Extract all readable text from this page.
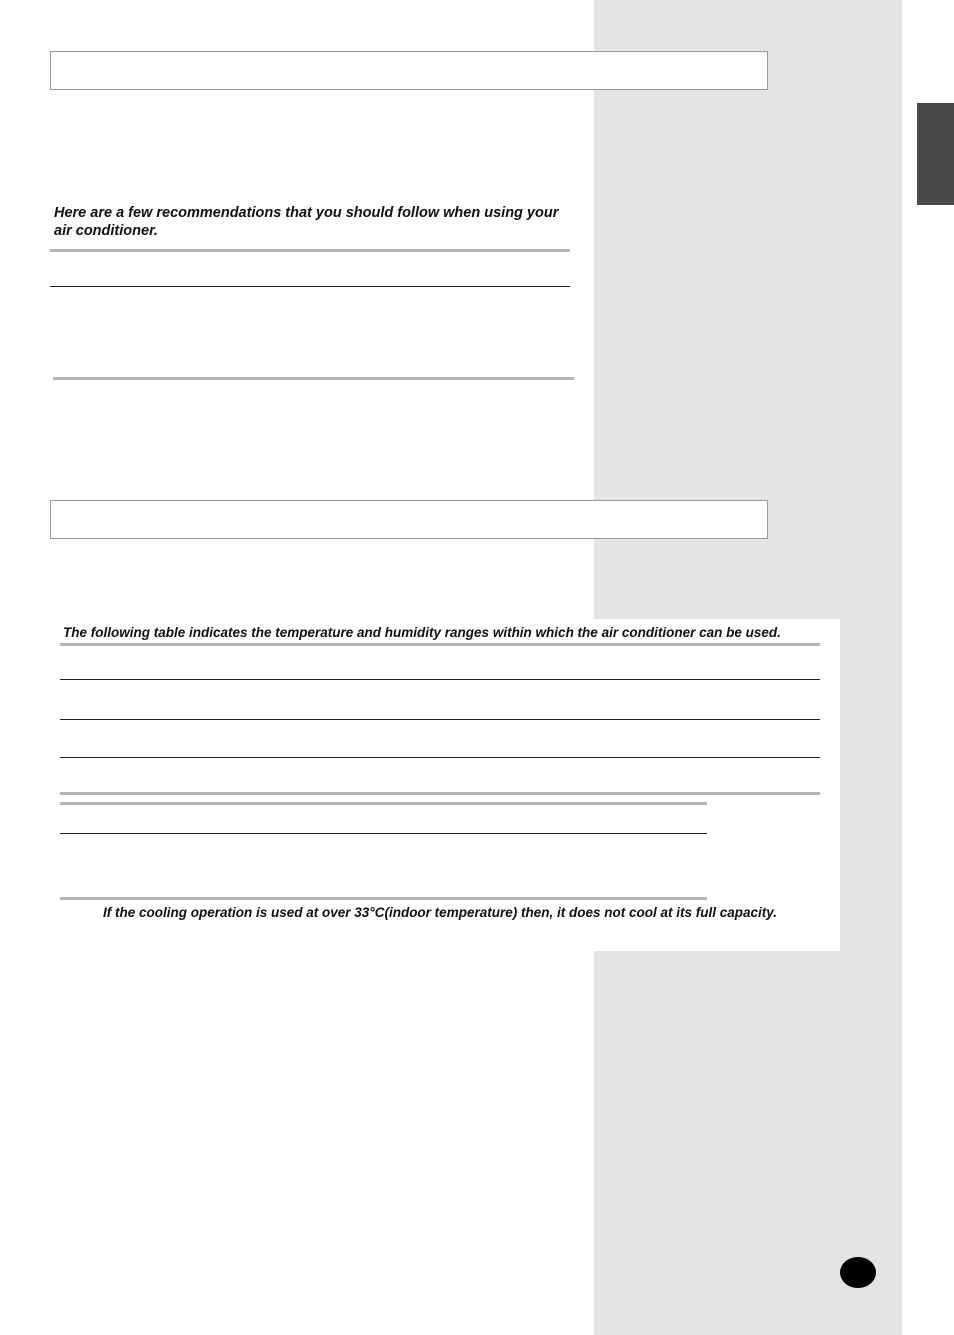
Here are a few recommendations that you should follow when using your air conditioner.
The following table indicates the temperature and humidity ranges within which the air conditioner can be used.
If the cooling operation is used at over 33°C(indoor temperature) then, it does not cool at its full capacity.
